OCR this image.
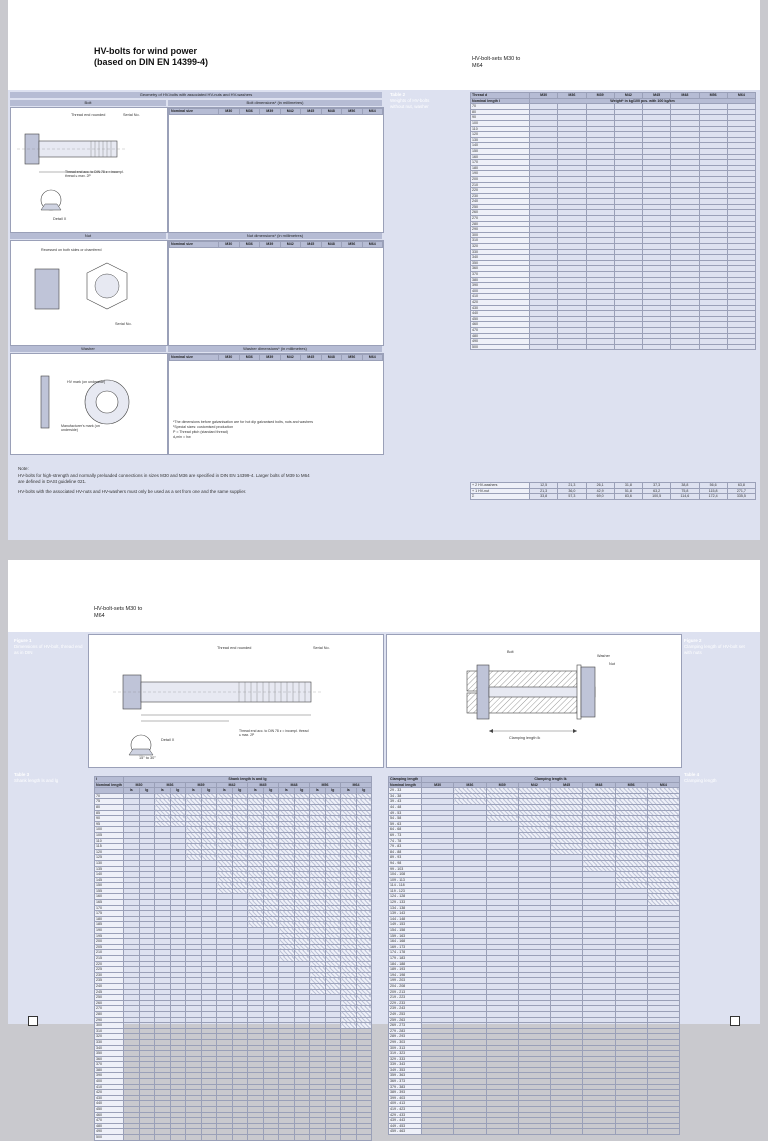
HV-bolts for wind power
(based on DIN EN 14399-4)	HV-bolt-sets M30 to
M64
Geometry of HV-bolts with associated HV-nuts and HV-washers
Bolt
Thread end rounded	Serial No.
Thread end acc. to DIN 78 z = incompl. thread ≤ max. 2P
Detail X
Nut
Recessed on both sides or chamfered
Serial No.
Washer
HV mark (on underside)
Manufacturer's mark (on underside)
Bolt dimensions* (in millimetres)
Nominal size	M30	M36	M39	M42	M45	M48	M56	M64
Nut dimensions* (in millimetres)
Nominal size	M30	M36	M39	M42	M45	M48	M56	M64
Washer dimensions* (in millimetres)
Nominal size	M30	M36	M39	M42	M45	M48	M56	M64
*The dimensions before galvanisation are for hot dip galvanised bolts, nuts and washers
¹Special sizes: customised production
P = Thread pitch (standard thread)
d₁min = hw
Note:
HV-bolts for high-strength and normally preloaded connections in sizes M30 and M36 are specified in DIN EN 14399-4. Larger bolts of M39 to M64
are defined in DASt guideline 021.
HV-bolts with the associated HV-nuts and HV-washers must only be used as a set from one and the same supplier.
Table 2
Weights of HV-bolts
without nut, washer
Thread d	M30	M36	M39	M42	M45	M48	M56	M64
Nominal length l	Weight* in kg/100 pcs. with 100 kg/km							
70								
80								
90								
100								
110								
120								
130								
140								
150								
160								
170								
180								
190								
200								
210								
220								
230								
240								
250								
260								
270								
280								
290								
300								
310								
320								
330								
340								
350								
360								
370								
380								
390								
400								
410								
420								
430								
440								
450								
460								
470								
480								
490								
500								
+ 2 HV-washers	12,5	21,3	26,1	31,8	37,3	38,8	56,6	63,8
+ 1 HV-nut	21,3	36,0	42,9	51,8	63,2	75,8	115,8	271,7
Σ	33,8	57,3	69,0	83,6	100,5	114,6	172,4	335,5
HV-bolt-sets M30 to
M64
Figure 1
Dimensions of HV-bolt, thread end as in DIN
Thread end rounded	Serial No.
15° to 30°
Detail X
Thread end acc. to DIN 78 z = incompl. thread ≤ max. 2P
Table 3
Shank length ls and lg	l	Shank length ls and lg															
Nominal length	M30		M36		M39		M42		M45		M48		M56		M64	
	ls	lg	ls	lg	ls	lg	ls	lg	ls	lg	ls	lg	ls	lg	ls	lg
70																
75																
80																
85																
90																
95																
100																
105																
110																
115																
120																
125																
130																
135																
140																
145																
150																
155																
160																
165																
170																
175																
180																
185																
190																
195																
200																
205																
210																
215																
220																
225																
230																
235																
240																
245																
250																
260																
270																
280																
290																
300																
310																
320																
330																
340																
350																
360																
370																
380																
390																
400																
410																
420																
430																
440																
450																
460																
470																
480																
490																
500																
Figure 2
Clamping length of HV-bolt set with nuts
Bolt
Washer
Nut
Clamping length lk
Table 4
Clamping length
Clamping length	Clamping length lk							
Nominal length	M30	M36	M39	M42	M45	M48	M56	M64
29 - 33								
34 - 38								
39 - 43								
44 - 48								
49 - 53								
54 - 58								
59 - 63								
64 - 68								
69 - 73								
74 - 78								
79 - 83								
84 - 88								
89 - 93								
94 - 98								
99 - 103								
104 - 108								
109 - 113								
114 - 118								
119 - 123								
124 - 128								
129 - 133								
134 - 138								
139 - 143								
144 - 148								
149 - 153								
154 - 158								
159 - 163								
164 - 168								
169 - 173								
174 - 178								
179 - 183								
184 - 188								
189 - 193								
194 - 198								
199 - 203								
204 - 208								
209 - 213								
219 - 223								
229 - 233								
239 - 243								
249 - 253								
259 - 263								
269 - 273								
279 - 283								
289 - 293								
299 - 303								
309 - 313								
319 - 323								
329 - 333								
339 - 343								
349 - 353								
359 - 363								
369 - 373								
379 - 383								
389 - 393								
399 - 403								
409 - 413								
419 - 423								
429 - 433								
439 - 443								
449 - 453								
459 - 463								
